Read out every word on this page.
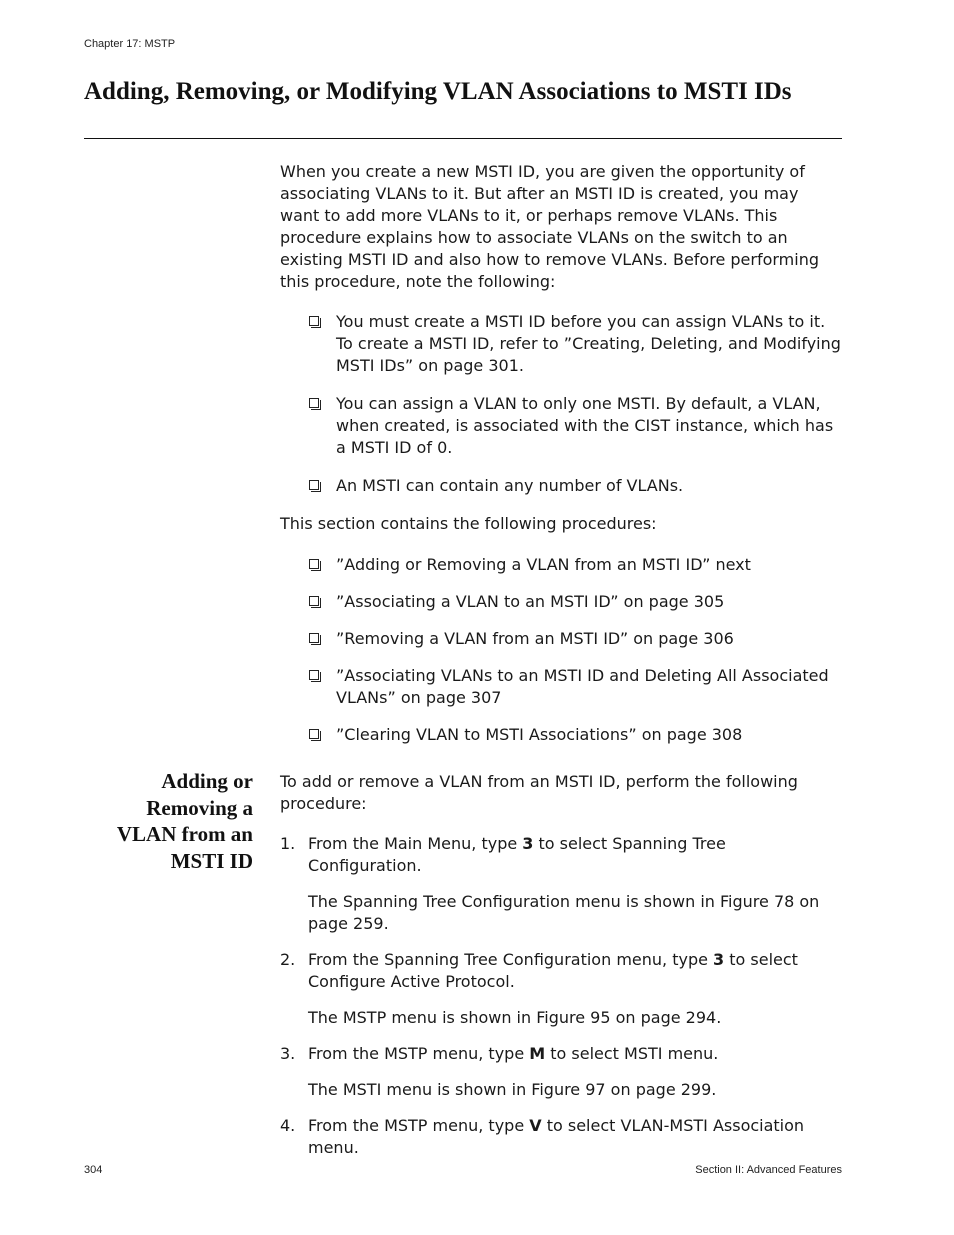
Chapter 17: MSTP
Adding, Removing, or Modifying VLAN Associations to MSTI IDs

When you create a new MSTI ID, you are given the opportunity of associating VLANs to it. But after an MSTI ID is created, you may want to add more VLANs to it, or perhaps remove VLANs. This procedure explains how to associate VLANs on the switch to an existing MSTI ID and also how to remove VLANs. Before performing this procedure, note the following:

You must create a MSTI ID before you can assign VLANs to it. To create a MSTI ID, refer to ”Creating, Deleting, and Modifying MSTI IDs” on page 301.
You can assign a VLAN to only one MSTI. By default, a VLAN, when created, is associated with the CIST instance, which has a MSTI ID of 0.
An MSTI can contain any number of VLANs.

This section contains the following procedures:

”Adding or Removing a VLAN from an MSTI ID” next
”Associating a VLAN to an MSTI ID” on page 305
”Removing a VLAN from an MSTI ID” on page 306
”Associating VLANs to an MSTI ID and Deleting All Associated VLANs” on page 307
”Clearing VLAN to MSTI Associations” on page 308
Adding or Removing a VLAN from an MSTI ID

To add or remove a VLAN from an MSTI ID, perform the following procedure:

1. From the Main Menu, type 3 to select Spanning Tree Configuration.

The Spanning Tree Configuration menu is shown in Figure 78 on page 259.

2. From the Spanning Tree Configuration menu, type 3 to select Configure Active Protocol.

The MSTP menu is shown in Figure 95 on page 294.

3. From the MSTP menu, type M to select MSTI menu.

The MSTI menu is shown in Figure 97 on page 299.

4. From the MSTP menu, type V to select VLAN-MSTI Association menu.
304	Section II: Advanced Features
